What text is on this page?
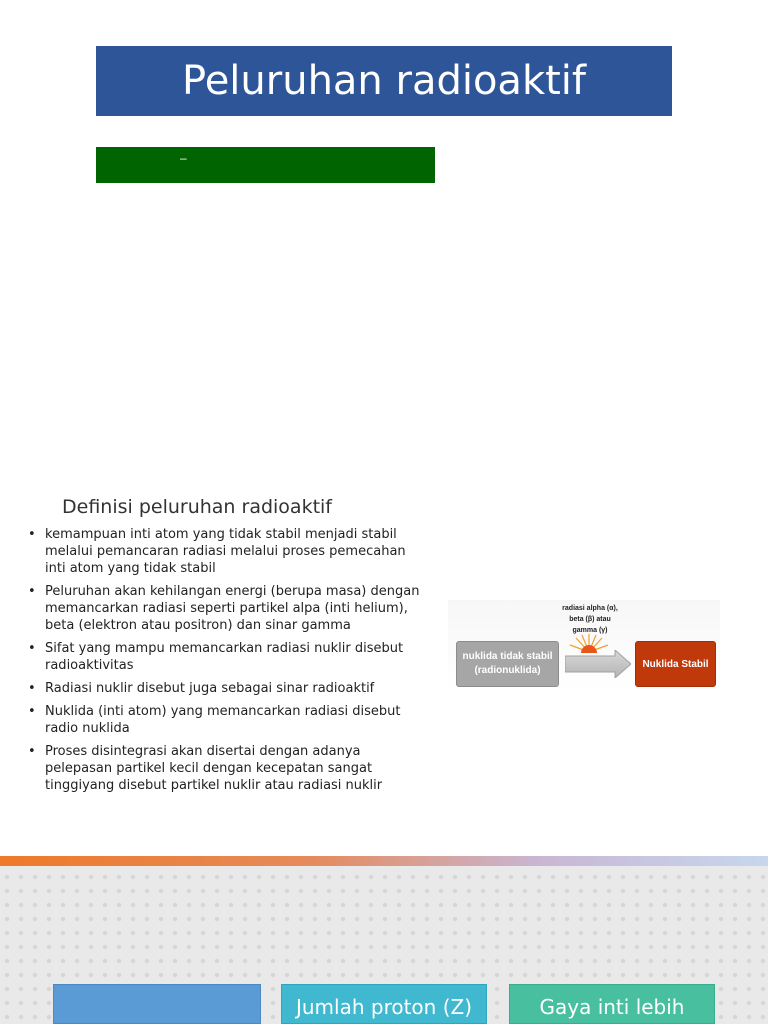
Peluruhan radioaktif
–
Definisi peluruhan radioaktif
• kemampuan inti atom yang tidak stabil menjadi stabil melalui pemancaran radiasi melalui proses pemecahan inti atom yang tidak stabil
• Peluruhan akan kehilangan energi (berupa masa) dengan memancarkan radiasi seperti partikel alpa (inti helium), beta (elektron atau positron) dan sinar gamma
• Sifat yang mampu memancarkan radiasi nuklir disebut radioaktivitas
• Radiasi nuklir disebut juga sebagai sinar radioaktif
• Nuklida (inti atom) yang memancarkan radiasi disebut radio nuklida
• Proses disintegrasi akan disertai dengan adanya pelepasan partikel kecil dengan kecepatan sangat tinggiyang disebut partikel nuklir atau radiasi nuklir
radiasi alpha (α),
beta (β) atau
gamma (γ)
nuklida tidak stabil
(radionuklida)
Nuklida Stabil
Jumlah proton (Z)	Gaya inti lebih
